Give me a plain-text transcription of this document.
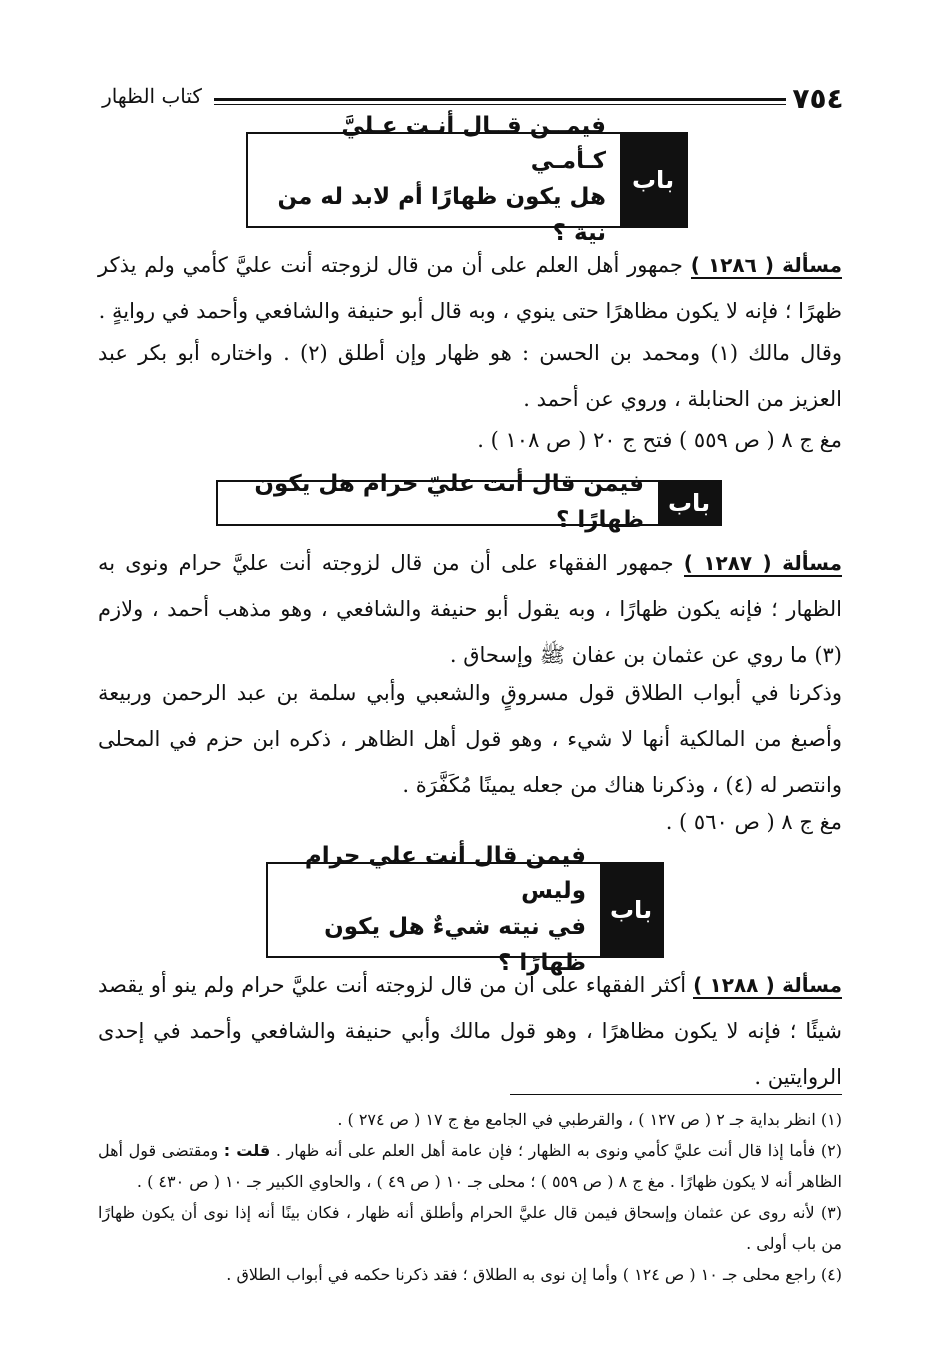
٧٥٤
كتاب الظهار
باب
فيمــن قــال أنـت عـليَّ كـأمـي
هل يكون ظهارًا أم لابد له من نية ؟
مسألة ( ١٢٨٦ ) جمهور أهل العلم على أن من قال لزوجته أنت عليَّ كأمي ولم يذكر ظهرًا ؛ فإنه لا يكون مظاهرًا حتى ينوي ، وبه قال أبو حنيفة والشافعي وأحمد في روايةٍ .
وقال مالك (١) ومحمد بن الحسن : هو ظهار وإن أطلق (٢) . واختاره أبو بكر عبد العزيز من الحنابلة ، وروي عن أحمد .
مغ ج ٨ ( ص ٥٥٩ ) فتح ج ٢٠ ( ص ١٠٨ ) .
باب
فيمن قال أنت عليّ حرام هل يكون ظهارًا ؟
مسألة ( ١٢٨٧ ) جمهور الفقهاء على أن من قال لزوجته أنت عليَّ حرام ونوى به الظهار ؛ فإنه يكون ظهارًا ، وبه يقول أبو حنيفة والشافعي ، وهو مذهب أحمد ، ولازم (٣) ما روي عن عثمان بن عفان ﷺ وإسحاق .
وذكرنا في أبواب الطلاق قول مسروقٍ والشعبي وأبي سلمة بن عبد الرحمن وربيعة وأصبغ من المالكية أنها لا شيء ، وهو قول أهل الظاهر ، ذكره ابن حزم في المحلى وانتصر له (٤) ، وذكرنا هناك من جعله يمينًا مُكَفَّرَة .
مغ ج ٨ ( ص ٥٦٠ ) .
باب
فيمن قال أنت علي حرام وليس
في نيته شيءٌ هل يكون ظهارًا ؟
مسألة ( ١٢٨٨ ) أكثر الفقهاء على أن من قال لزوجته أنت عليَّ حرام ولم ينو أو يقصد شيئًا ؛ فإنه لا يكون مظاهرًا ، وهو قول مالك وأبي حنيفة والشافعي وأحمد في إحدى الروايتين .

(١) انظر بداية جـ ٢ ( ص ١٢٧ ) ، والقرطبي في الجامع مغ ج ١٧ ( ص ٢٧٤ ) .

(٢) فأما إذا قال أنت عليَّ كأمي ونوى به الظهار ؛ فإن عامة أهل العلم على أنه ظهار . قلت : ومقتضى قول أهل الظاهر أنه لا يكون ظهارًا . مغ ج ٨ ( ص ٥٥٩ ) ؛ محلى جـ ١٠ ( ص ٤٩ ) ، والحاوي الكبير جـ ١٠ ( ص ٤٣٠ ) .

(٣) لأنه روى عن عثمان وإسحاق فيمن قال عليَّ الحرام وأطلق أنه ظهار ، فكان بينًا أنه إذا نوى أن يكون ظهارًا من باب أولى .

(٤) راجع محلى جـ ١٠ ( ص ١٢٤ ) وأما إن نوى به الطلاق ؛ فقد ذكرنا حكمه في أبواب الطلاق .
